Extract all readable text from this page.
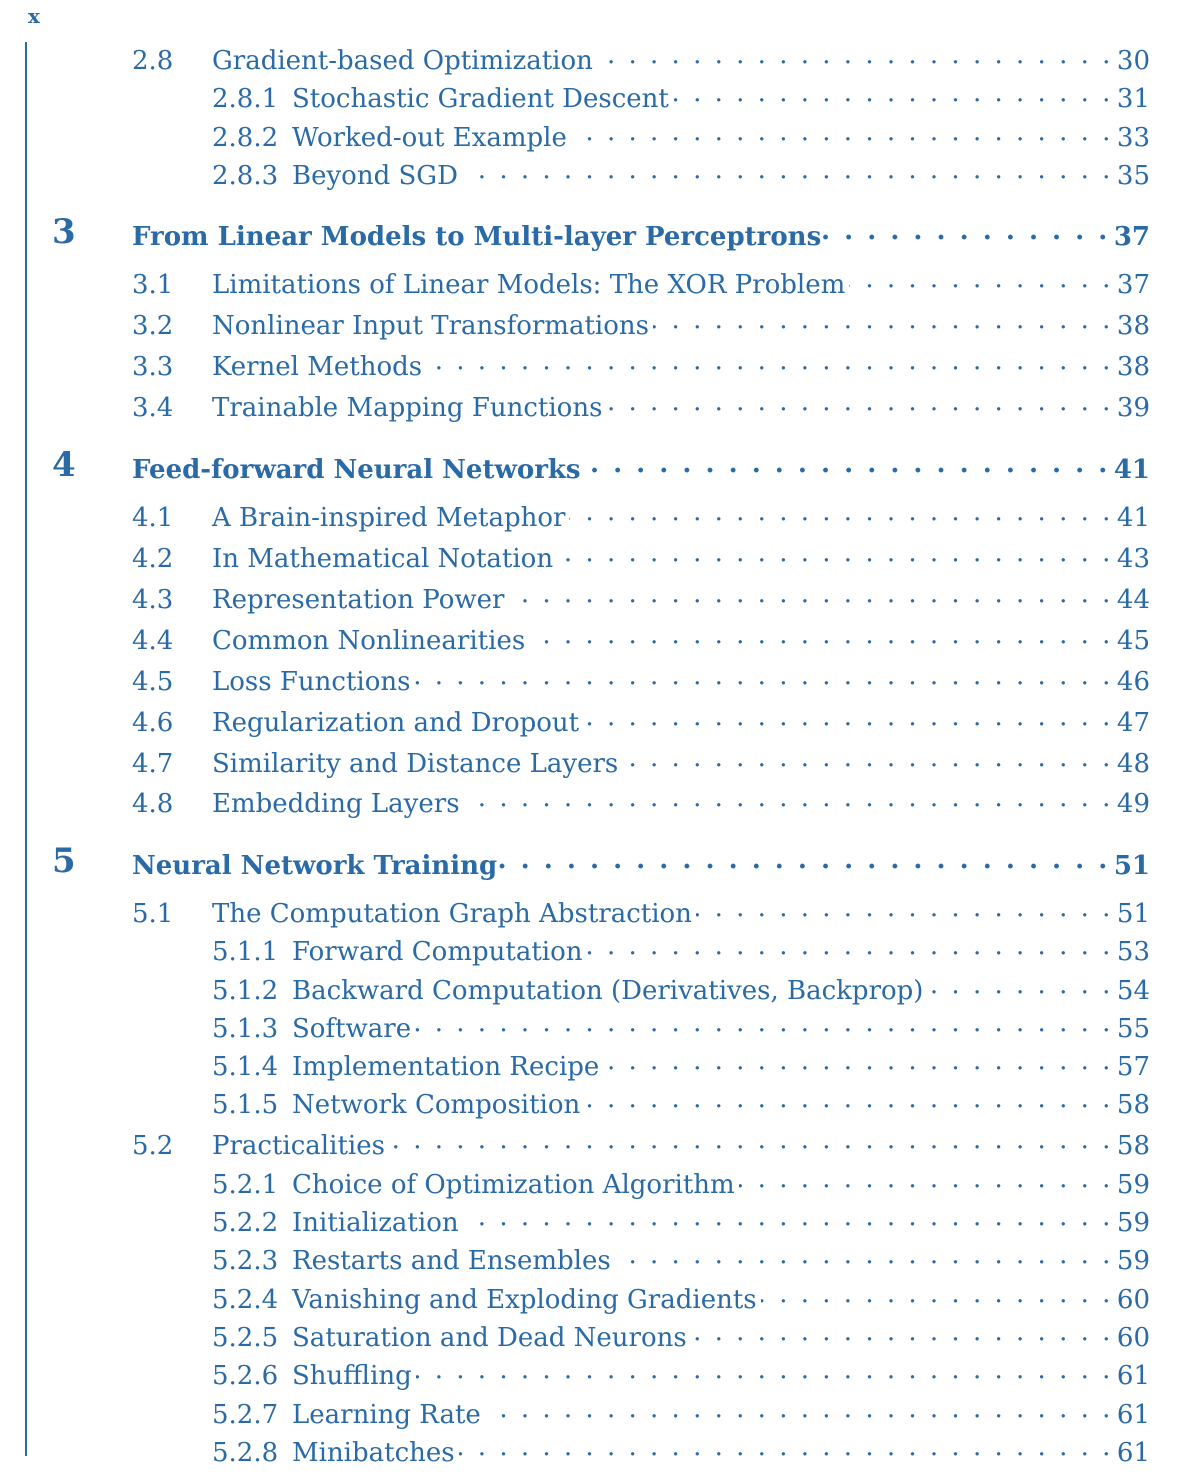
x
2.8	Gradient-based Optimization . . .	30
2.8.1 Stochastic Gradient Descent . . .	31
2.8.2 Worked-out Example . . .	33
2.8.3 Beyond SGD . . .	35
3 From Linear Models to Multi-layer Perceptrons . . .	37
3.1	Limitations of Linear Models: The XOR Problem . . .	37
3.2	Nonlinear Input Transformations . . .	38
3.3	Kernel Methods . . .	38
3.4	Trainable Mapping Functions . . .	39
4 Feed-forward Neural Networks . . .	41
4.1	A Brain-inspired Metaphor . . .	41
4.2	In Mathematical Notation . . .	43
4.3	Representation Power . . .	44
4.4	Common Nonlinearities . . .	45
4.5	Loss Functions . . .	46
4.6	Regularization and Dropout . . .	47
4.7	Similarity and Distance Layers . . .	48
4.8	Embedding Layers . . .	49
5 Neural Network Training . . .	51
5.1	The Computation Graph Abstraction . . .	51
5.1.1 Forward Computation . . .	53
5.1.2 Backward Computation (Derivatives, Backprop) . . .	54
5.1.3 Software . . .	55
5.1.4 Implementation Recipe . . .	57
5.1.5 Network Composition . . .	58
5.2	Practicalities . . .	58
5.2.1 Choice of Optimization Algorithm . . .	59
5.2.2 Initialization . . .	59
5.2.3 Restarts and Ensembles . . .	59
5.2.4 Vanishing and Exploding Gradients . . .	60
5.2.5 Saturation and Dead Neurons . . .	60
5.2.6 Shuffling . . .	61
5.2.7 Learning Rate . . .	61
5.2.8 Minibatches . . .	61
